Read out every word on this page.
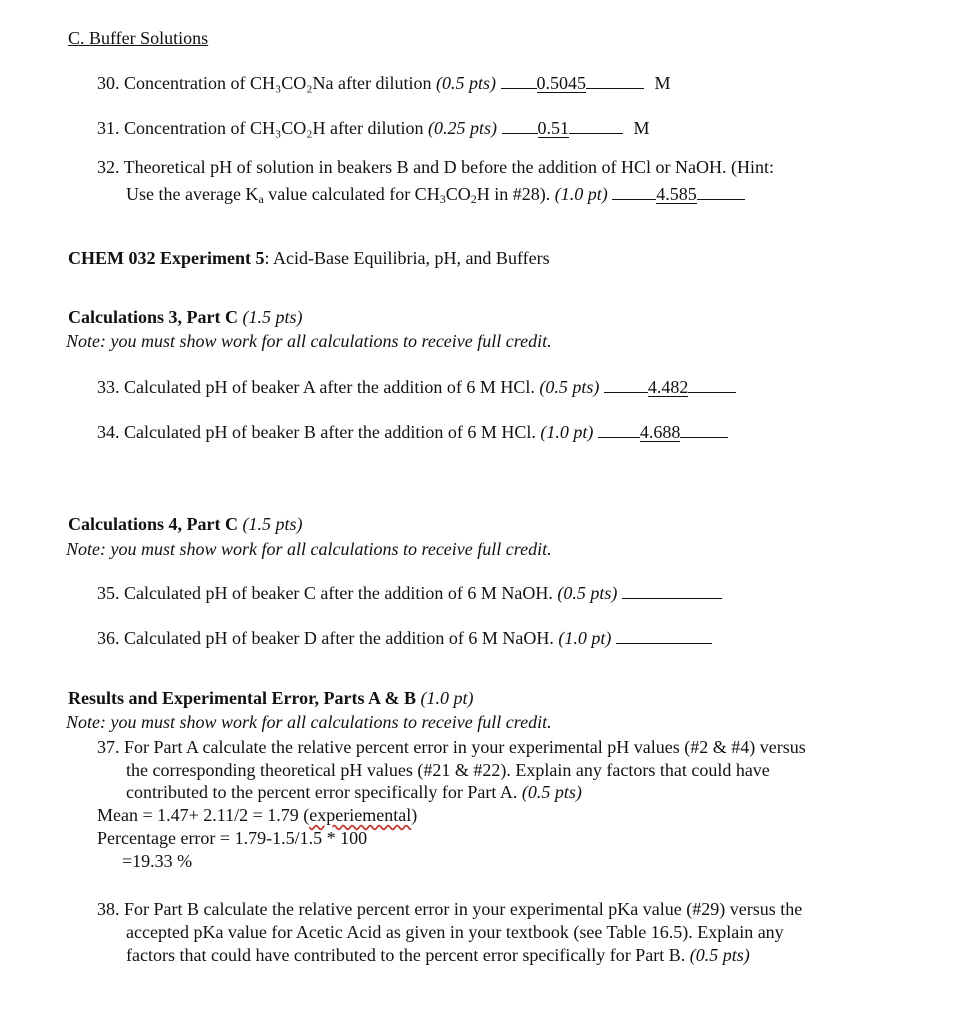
C. Buffer Solutions
30. Concentration of CH₃CO₂Na after dilution (0.5 pts) 0.5045	M
31. Concentration of CH₃CO₂H after dilution (0.25 pts) 0.51	M
32. Theoretical pH of solution in beakers B and D before the addition of HCl or NaOH. (Hint:
Use the average $K_a$ value calculated for $CH_3CO_2H$ in #28). (1.0 pt)	4.585
CHEM 032 Experiment 5: Acid-Base Equilibria, pH, and Buffers
Calculations 3, Part C (1.5 pts)
Note: you must show work for all calculations to receive full credit.
33. Calculated pH of beaker A after the addition of 6 M HCl. (0.5 pts)	4.482
34. Calculated pH of beaker B after the addition of 6 M HCl. (1.0 pt)	4.688
Calculations 4, Part C (1.5 pts)
Note: you must show work for all calculations to receive full credit.
35. Calculated pH of beaker C after the addition of 6 M NaOH. (0.5 pts)
36. Calculated pH of beaker D after the addition of 6 M NaOH. (1.0 pt)
Results and Experimental Error, Parts A & B (1.0 pt)
Note: you must show work for all calculations to receive full credit.
37. For Part A calculate the relative percent error in your experimental pH values (#2 & #4) versus
the corresponding theoretical pH values (#21 & #22). Explain any factors that could have
contributed to the percent error specifically for Part A. (0.5 pts)
Mean = 1.47+ 2.11/2 = 1.79 (experiemental)
Percentage error = 1.79-1.5/1.5 * 100
=19.33 %
38. For Part B calculate the relative percent error in your experimental pKa value (#29) versus the
accepted pKa value for Acetic Acid as given in your textbook (see Table 16.5). Explain any
factors that could have contributed to the percent error specifically for Part B. (0.5 pts)
